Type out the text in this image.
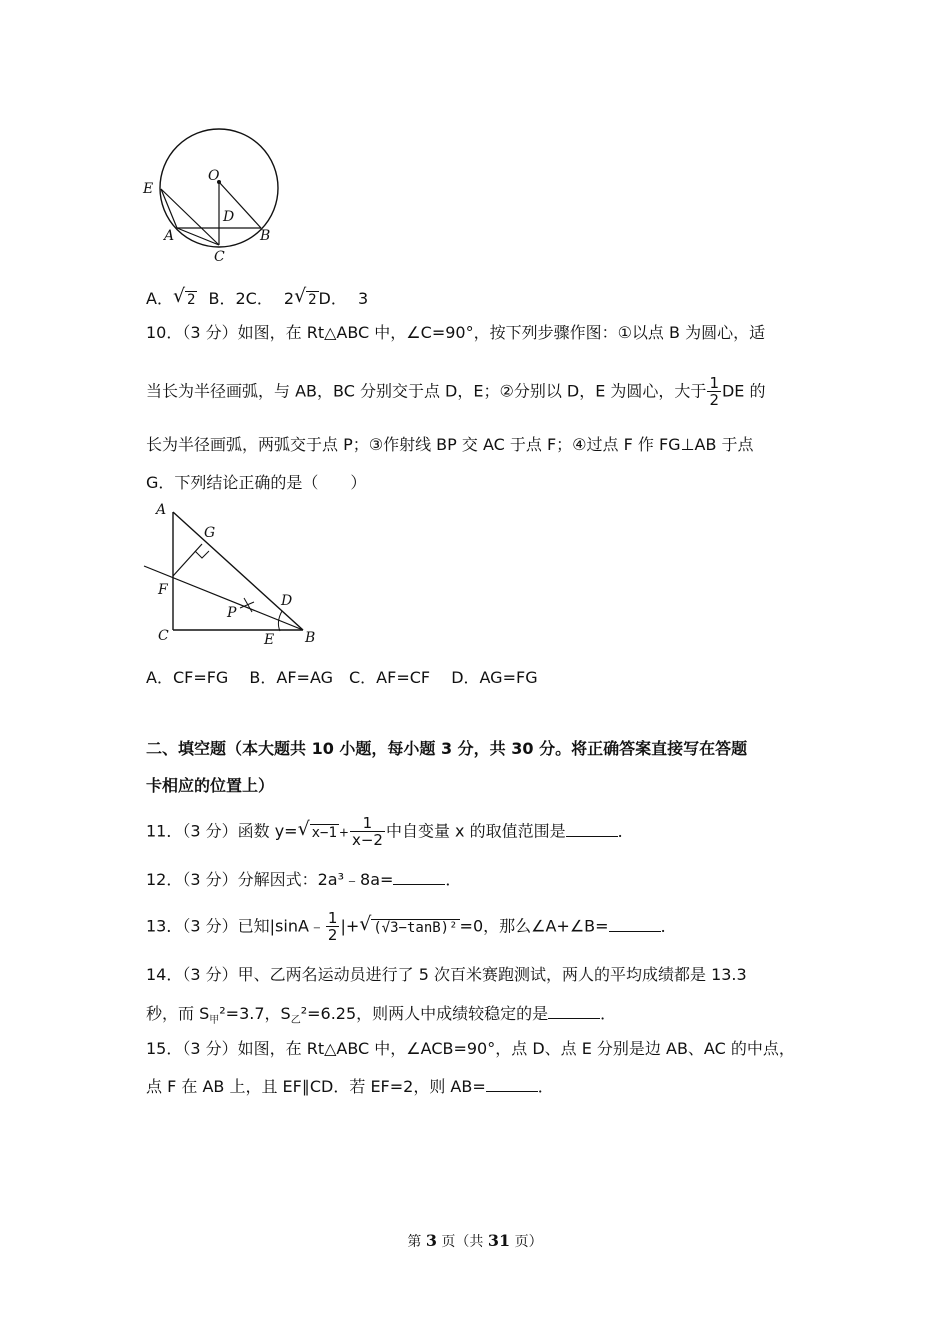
E
O
D
A	B
C
A． √ 2 B．2C． 2 √ 2 D． 3
10．（3 分）如图，在 Rt△ABC 中，∠C=90°，按下列步骤作图：①以点 B 为圆心，适
当长为半径画弧，与 AB，BC 分别交于点 D，E；②分别以 D，E 为圆心，大于 $\frac{1}{2}$ DE 的
长为半径画弧，两弧交于点 P；③作射线 BP 交 AC 于点 F；④过点 F 作 FG⊥AB 于点
G．下列结论正确的是（　　）
A
G
F
P
D
C	E B
A．CF=FG　 B．AF=AG　C．AF=CF　 D．AG=FG
二、填空题（本大题共 10 小题，每小题 3 分，共 30 分。将正确答案直接写在答题
卡相应的位置上）
11．（3 分）函数 y= √ $x-1 + \frac{1}{x-2}$ 中自变量 x 的取值范围是	．
12．（3 分）分解因式：2a³﹣8a=	．
13．（3 分）已知|sinA﹣ $\frac{1}{2}$ |+ √ (√3−tanB)² =0，那么∠A+∠B=	．
14．（3 分）甲、乙两名运动员进行了 5 次百米赛跑测试，两人的平均成绩都是 13.3
秒，而 $S_甲^2=3.7$，$S_乙^2=6.25$，则两人中成绩较稳定的是	．
15．（3 分）如图，在 Rt△ABC 中，∠ACB=90°，点 D、点 E 分别是边 AB、AC 的中点，
点 F 在 AB 上，且 EF∥CD．若 EF=2，则 AB=	．
第 3 页（共 31 页）
